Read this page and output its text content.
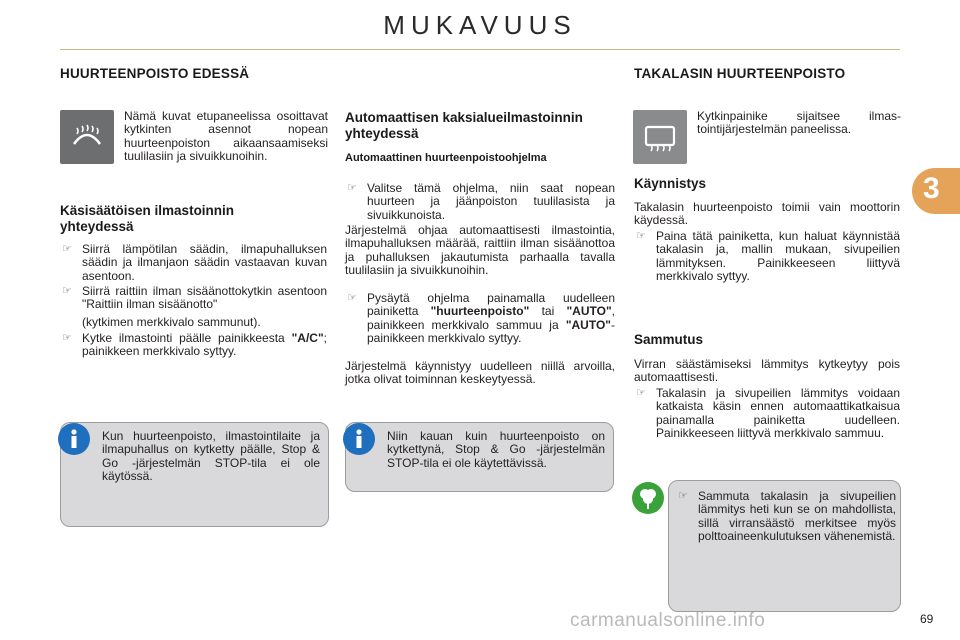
MUKAVUUS
3
HUURTEENPOISTO EDESSÄ
Nämä kuvat etupaneelissa osoittavat kytkinten asennot nopean huurteenpoiston aikaansaamiseksi tuulilasiin ja sivuikkunoihin.
Käsisäätöisen ilmastoinnin yhteydessä
☞ Siirrä lämpötilan säädin, ilmapuhalluksen säädin ja ilmanjaon säädin vastaavan kuvan asentoon.
☞ Siirrä raittiin ilman sisäänottokytkin asentoon "Raittiin ilman sisäänotto"
(kytkimen merkkivalo sammunut).
☞ Kytke ilmastointi päälle painikkeesta "A/C"; painikkeen merkkivalo syttyy.
Kun huurteenpoisto, ilmastointilaite ja ilmapuhallus on kytketty päälle, Stop & Go -järjestelmän STOP-tila ei ole käytössä.
Automaattisen kaksialueilmastoinnin yhteydessä
Automaattinen huurteenpoistoohjelma
☞ Valitse tämä ohjelma, niin saat nopean huurteen ja jäänpoiston tuulilasista ja sivuikkunoista.
Järjestelmä ohjaa automaattisesti ilmastointia, ilmapuhalluksen määrää, raittiin ilman sisäänottoa ja puhalluksen jakautumista parhaalla tavalla tuulilasiin ja sivuikkunoihin.
☞ Pysäytä ohjelma painamalla uudelleen painiketta "huurteenpoisto" tai "AUTO", painikkeen merkkivalo sammuu ja "AUTO"-painikkeen merkkivalo syttyy.
Järjestelmä käynnistyy uudelleen niillä arvoilla, jotka olivat toiminnan keskeytyessä.
Niin kauan kuin huurteenpoisto on kytkettynä, Stop & Go -järjestelmän STOP-tila ei ole käytettävissä.
TAKALASIN HUURTEENPOISTO
Kytkinpainike sijaitsee ilmastointijärjestelmän paneelissa.
Käynnistys
Takalasin huurteenpoisto toimii vain moottorin käydessä.
☞ Paina tätä painiketta, kun haluat käynnistää takalasin ja, mallin mukaan, sivupeilien lämmityksen. Painikkeeseen liittyvä merkkivalo syttyy.
Sammutus
Virran säästämiseksi lämmitys kytkeytyy pois automaattisesti.
☞ Takalasin ja sivupeilien lämmitys voidaan katkaista käsin ennen automaattikatkaisua painamalla painiketta uudelleen. Painikkeeseen liittyvä merkkivalo sammuu.
☞ Sammuta takalasin ja sivupeilien lämmitys heti kun se on mahdollista, sillä virransäästö merkitsee myös polttoaineenkulutuksen vähenemistä.
carmanualsonline.info	69
